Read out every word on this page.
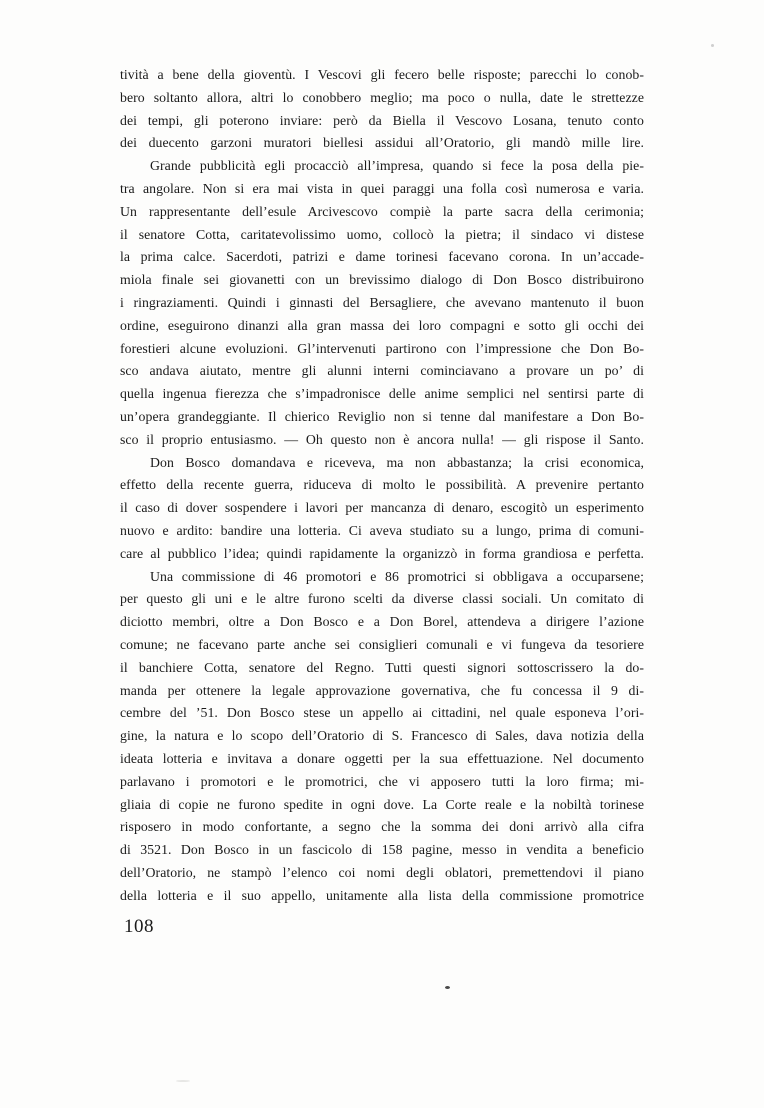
tività a bene della gioventù. I Vescovi gli fecero belle risposte; parecchi lo conob-
bero soltanto allora, altri lo conobbero meglio; ma poco o nulla, date le strettezze
dei tempi, gli poterono inviare: però da Biella il Vescovo Losana, tenuto conto
dei duecento garzoni muratori biellesi assidui all’Oratorio, gli mandò mille lire.
Grande pubblicità egli procacciò all’impresa, quando si fece la posa della pie-
tra angolare. Non si era mai vista in quei paraggi una folla così numerosa e varia.
Un rappresentante dell’esule Arcivescovo compiè la parte sacra della cerimonia;
il senatore Cotta, caritatevolissimo uomo, collocò la pietra; il sindaco vi distese
la prima calce. Sacerdoti, patrizi e dame torinesi facevano corona. In un’accade-
miola finale sei giovanetti con un brevissimo dialogo di Don Bosco distribuirono
i ringraziamenti. Quindi i ginnasti del Bersagliere, che avevano mantenuto il buon
ordine, eseguirono dinanzi alla gran massa dei loro compagni e sotto gli occhi dei
forestieri alcune evoluzioni. Gl’intervenuti partirono con l’impressione che Don Bo-
sco andava aiutato, mentre gli alunni interni cominciavano a provare un po’ di
quella ingenua fierezza che s’impadronisce delle anime semplici nel sentirsi parte di
un’opera grandeggiante. Il chierico Reviglio non si tenne dal manifestare a Don Bo-
sco il proprio entusiasmo. — Oh questo non è ancora nulla! — gli rispose il Santo.
Don Bosco domandava e riceveva, ma non abbastanza; la crisi economica,
effetto della recente guerra, riduceva di molto le possibilità. A prevenire pertanto
il caso di dover sospendere i lavori per mancanza di denaro, escogitò un esperimento
nuovo e ardito: bandire una lotteria. Ci aveva studiato su a lungo, prima di comuni-
care al pubblico l’idea; quindi rapidamente la organizzò in forma grandiosa e perfetta.
Una commissione di 46 promotori e 86 promotrici si obbligava a occuparsene;
per questo gli uni e le altre furono scelti da diverse classi sociali. Un comitato di
diciotto membri, oltre a Don Bosco e a Don Borel, attendeva a dirigere l’azione
comune; ne facevano parte anche sei consiglieri comunali e vi fungeva da tesoriere
il banchiere Cotta, senatore del Regno. Tutti questi signori sottoscrissero la do-
manda per ottenere la legale approvazione governativa, che fu concessa il 9 di-
cembre del ’51. Don Bosco stese un appello ai cittadini, nel quale esponeva l’ori-
gine, la natura e lo scopo dell’Oratorio di S. Francesco di Sales, dava notizia della
ideata lotteria e invitava a donare oggetti per la sua effettuazione. Nel documento
parlavano i promotori e le promotrici, che vi apposero tutti la loro firma; mi-
gliaia di copie ne furono spedite in ogni dove. La Corte reale e la nobiltà torinese
risposero in modo confortante, a segno che la somma dei doni arrivò alla cifra
di 3521. Don Bosco in un fascicolo di 158 pagine, messo in vendita a beneficio
dell’Oratorio, ne stampò l’elenco coi nomi degli oblatori, premettendovi il piano
della lotteria e il suo appello, unitamente alla lista della commissione promotrice
108
